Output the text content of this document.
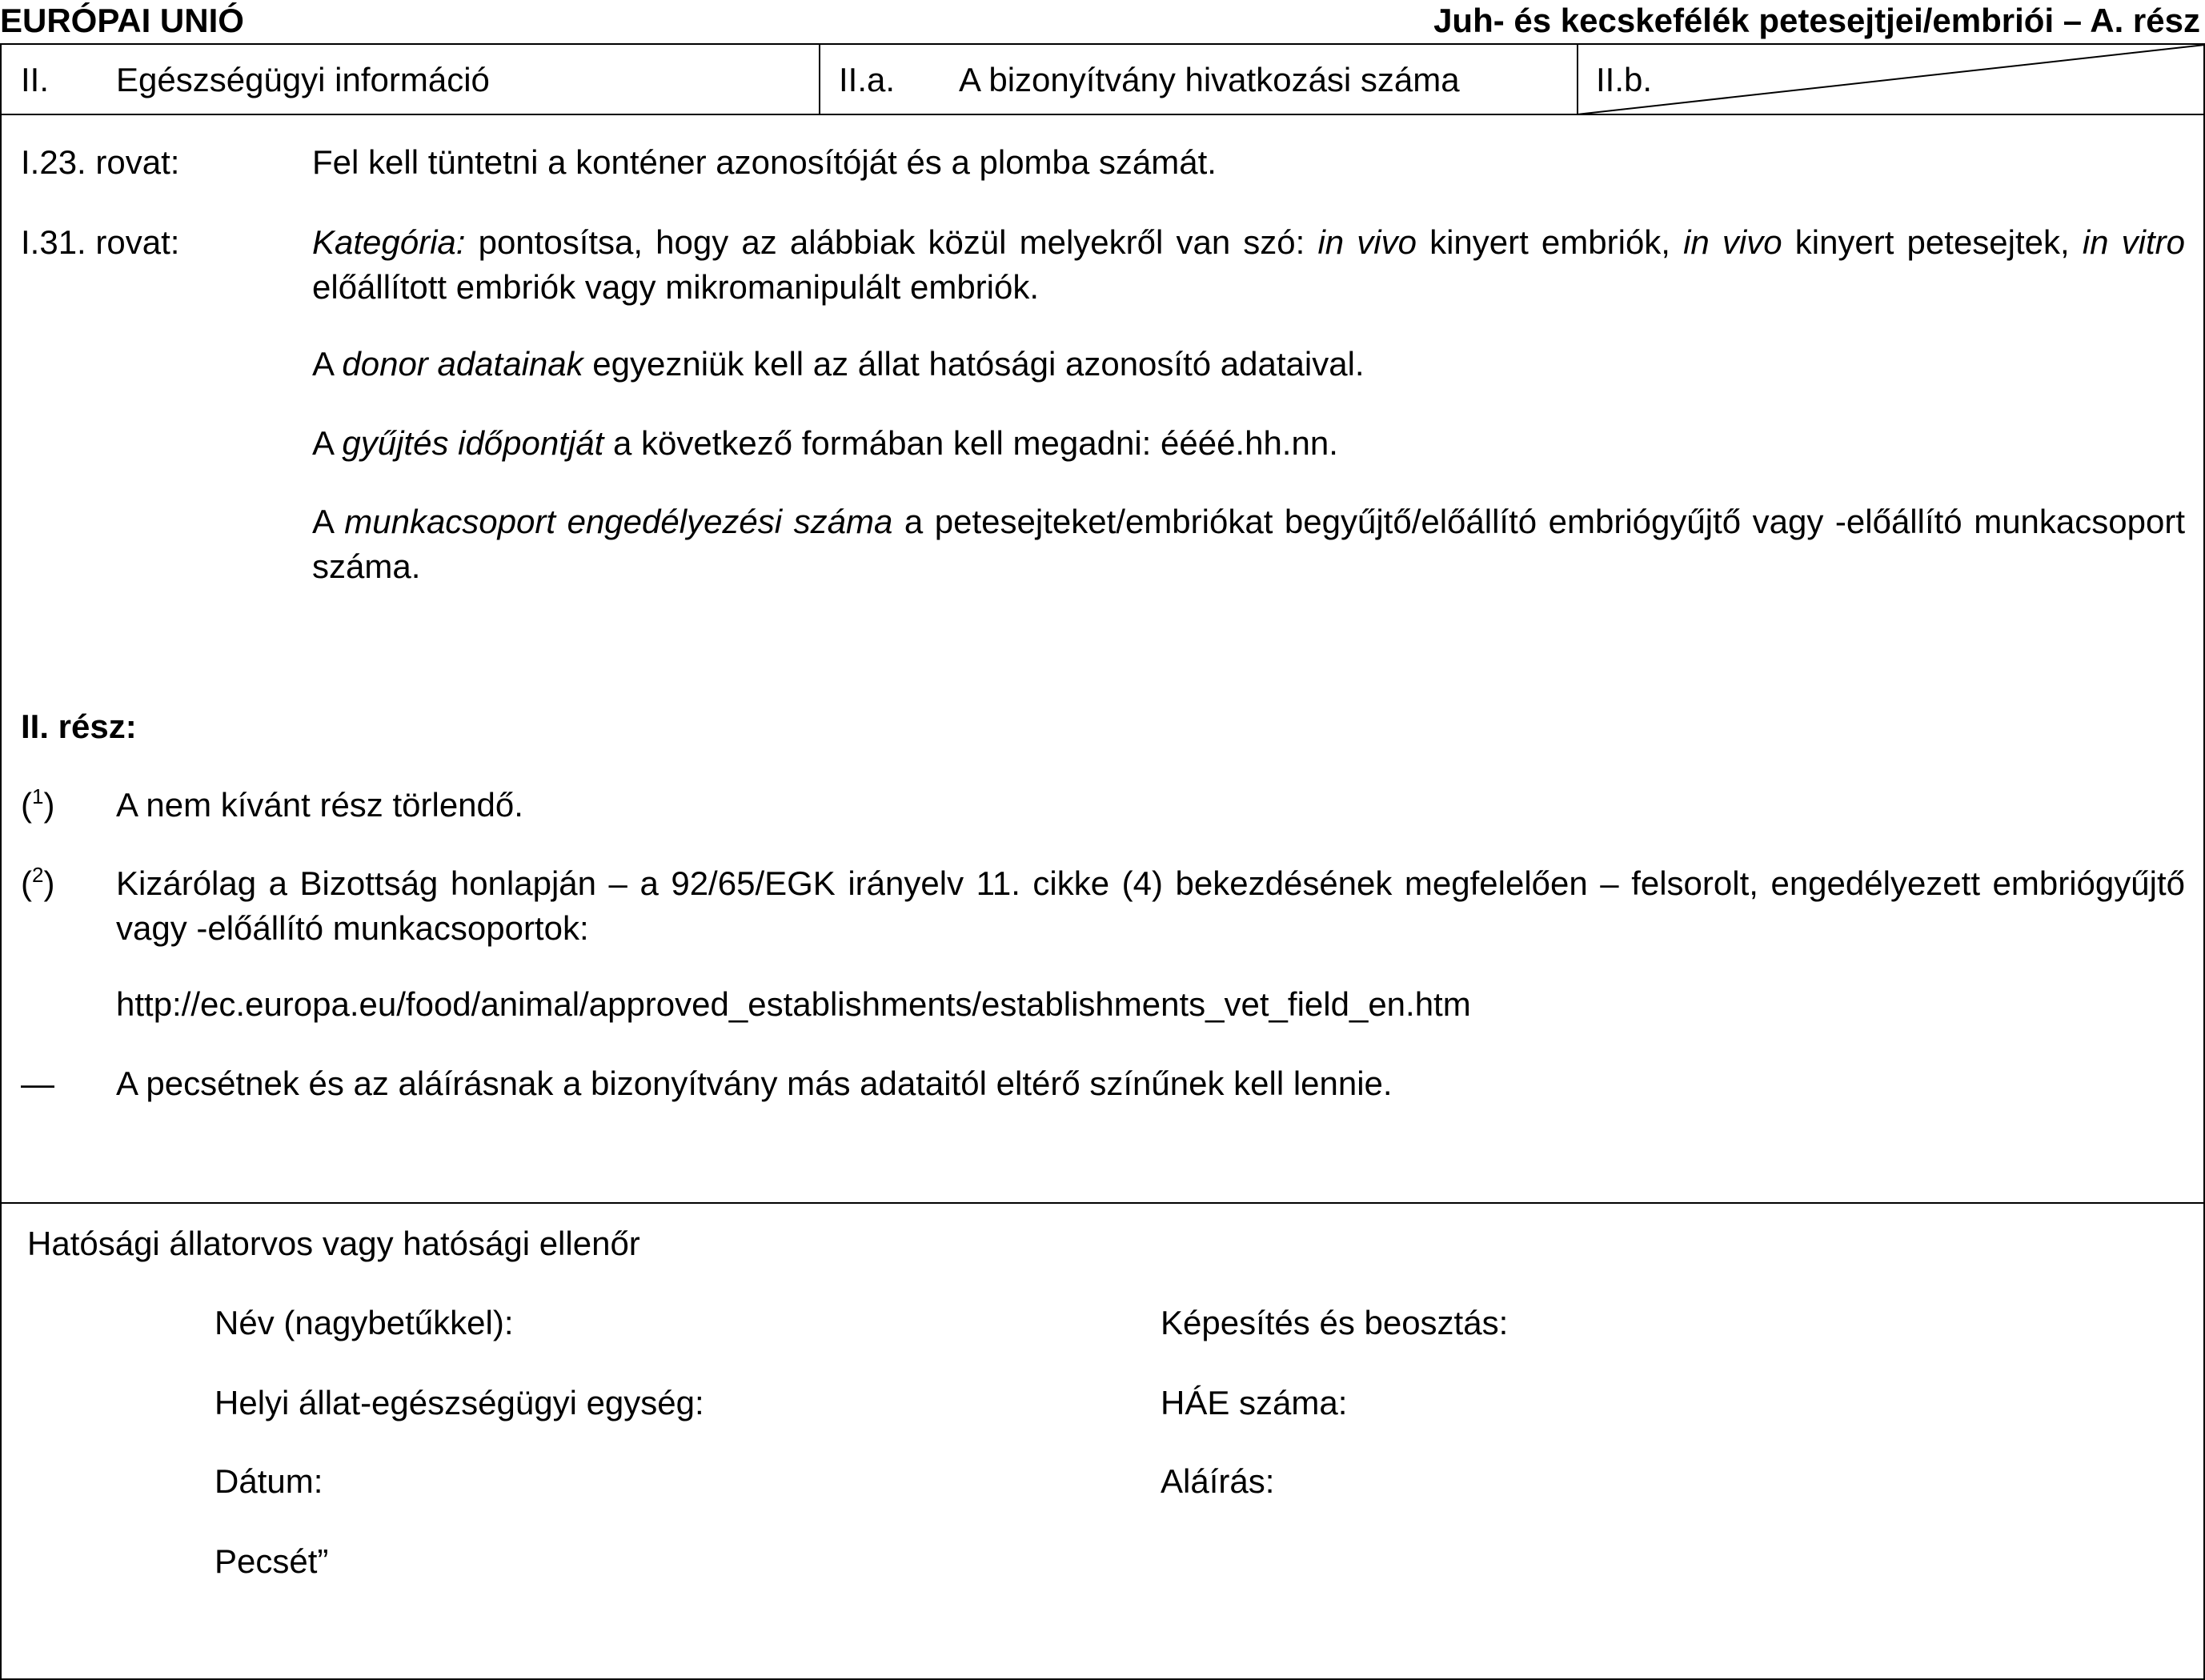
EURÓPAI UNIÓ	Juh- és kecskefélék petesejtjei/embriói – A. rész
II. Egészségügyi információ	II.a. A bizonyítvány hivatkozási száma	II.b.
I.23. rovat:	Fel kell tüntetni a konténer azonosítóját és a plomba számát.
I.31. rovat:	Kategória: pontosítsa, hogy az alábbiak közül melyekről van szó: in vivo kinyert embriók, in vivo kinyert petesejtek, in vitro előállított embriók vagy mikromanipulált embriók.
A donor adatainak egyezniük kell az állat hatósági azonosító adataival.
A gyűjtés időpontját a következő formában kell megadni: éééé.hh.nn.
A munkacsoport engedélyezési száma a petesejteket/embriókat begyűjtő/előállító embriógyűjtő vagy -előállító munkacsoport száma.
II. rész:
($^1$) A nem kívánt rész törlendő.
($^2$) Kizárólag a Bizottság honlapján – a 92/65/EGK irányelv 11. cikke (4) bekezdésének megfelelően – felsorolt, engedélyezett embriógyűjtő vagy -előállító munkacsoportok:
http://ec.europa.eu/food/animal/approved_establishments/establishments_vet_field_en.htm
— A pecsétnek és az aláírásnak a bizonyítvány más adataitól eltérő színűnek kell lennie.
Hatósági állatorvos vagy hatósági ellenőr
Név (nagybetűkkel):	Képesítés és beosztás:
Helyi állat-egészségügyi egység:	HÁE száma:
Dátum:	Aláírás:
Pecsét”
